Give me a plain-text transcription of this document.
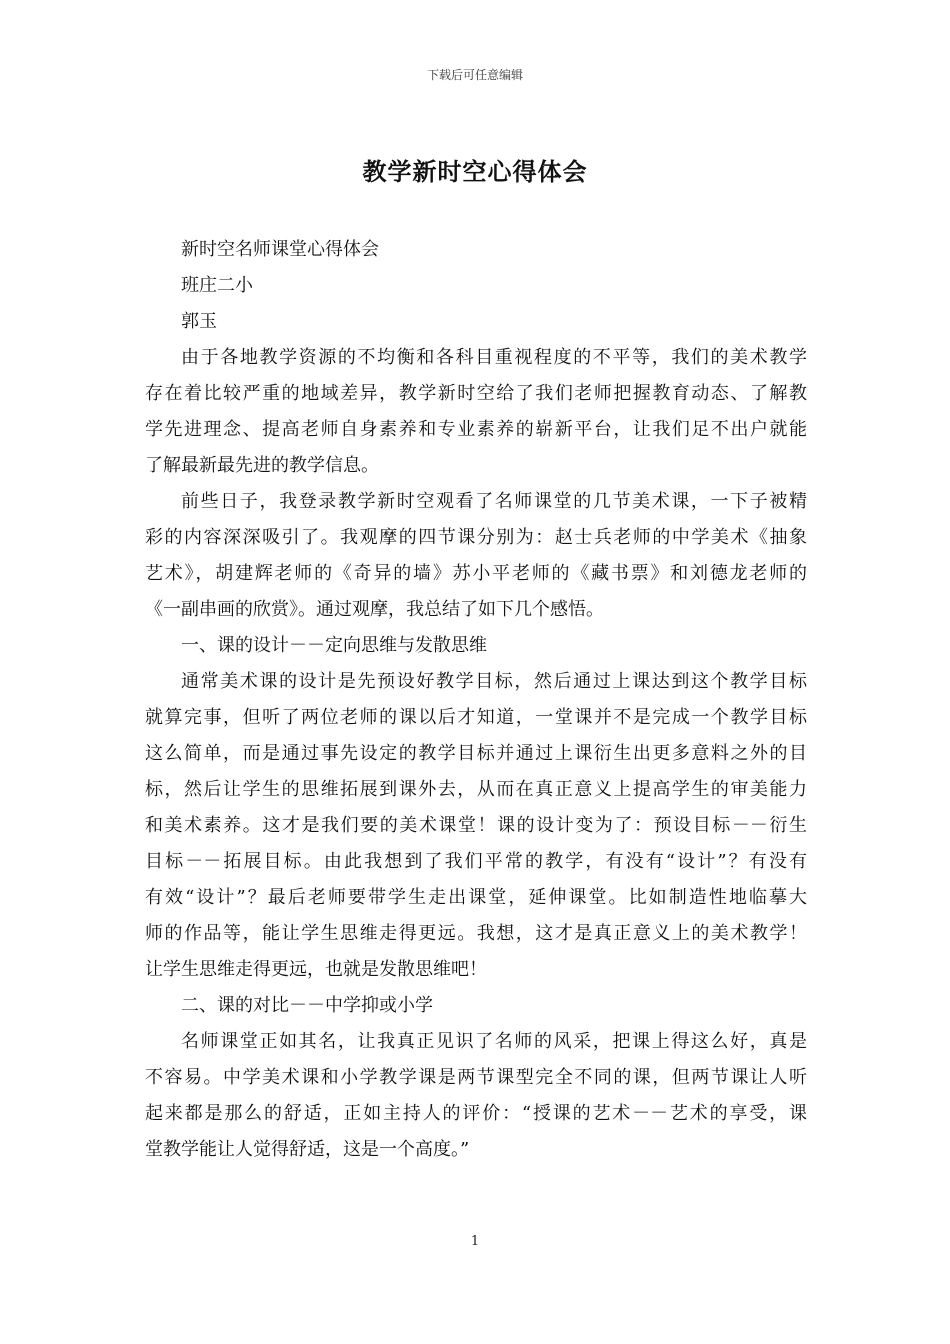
下载后可任意编辑
教学新时空心得体会
新时空名师课堂心得体会
班庄二小
郭玉
由于各地教学资源的不均衡和各科目重视程度的不平等，我们的美术教学
存在着比较严重的地域差异，教学新时空给了我们老师把握教育动态、了解教
学先进理念、提高老师自身素养和专业素养的崭新平台，让我们足不出户就能
了解最新最先进的教学信息。
前些日子，我登录教学新时空观看了名师课堂的几节美术课，一下子被精
彩的内容深深吸引了。我观摩的四节课分别为：赵士兵老师的中学美术《抽象
艺术》，胡建辉老师的《奇异的墙》苏小平老师的《藏书票》和刘德龙老师的
《一副串画的欣赏》。通过观摩，我总结了如下几个感悟。
一、课的设计－－定向思维与发散思维
通常美术课的设计是先预设好教学目标，然后通过上课达到这个教学目标
就算完事，但听了两位老师的课以后才知道，一堂课并不是完成一个教学目标
这么简单，而是通过事先设定的教学目标并通过上课衍生出更多意料之外的目
标，然后让学生的思维拓展到课外去，从而在真正意义上提高学生的审美能力
和美术素养。这才是我们要的美术课堂！课的设计变为了：预设目标－－衍生
目标－－拓展目标。由此我想到了我们平常的教学，有没有“设计”？有没有
有效“设计”？最后老师要带学生走出课堂，延伸课堂。比如制造性地临摹大
师的作品等，能让学生思维走得更远。我想，这才是真正意义上的美术教学！
让学生思维走得更远，也就是发散思维吧！
二、课的对比－－中学抑或小学
名师课堂正如其名，让我真正见识了名师的风采，把课上得这么好，真是
不容易。中学美术课和小学教学课是两节课型完全不同的课，但两节课让人听
起来都是那么的舒适，正如主持人的评价：“授课的艺术－－艺术的享受，课
堂教学能让人觉得舒适，这是一个高度。”
1
